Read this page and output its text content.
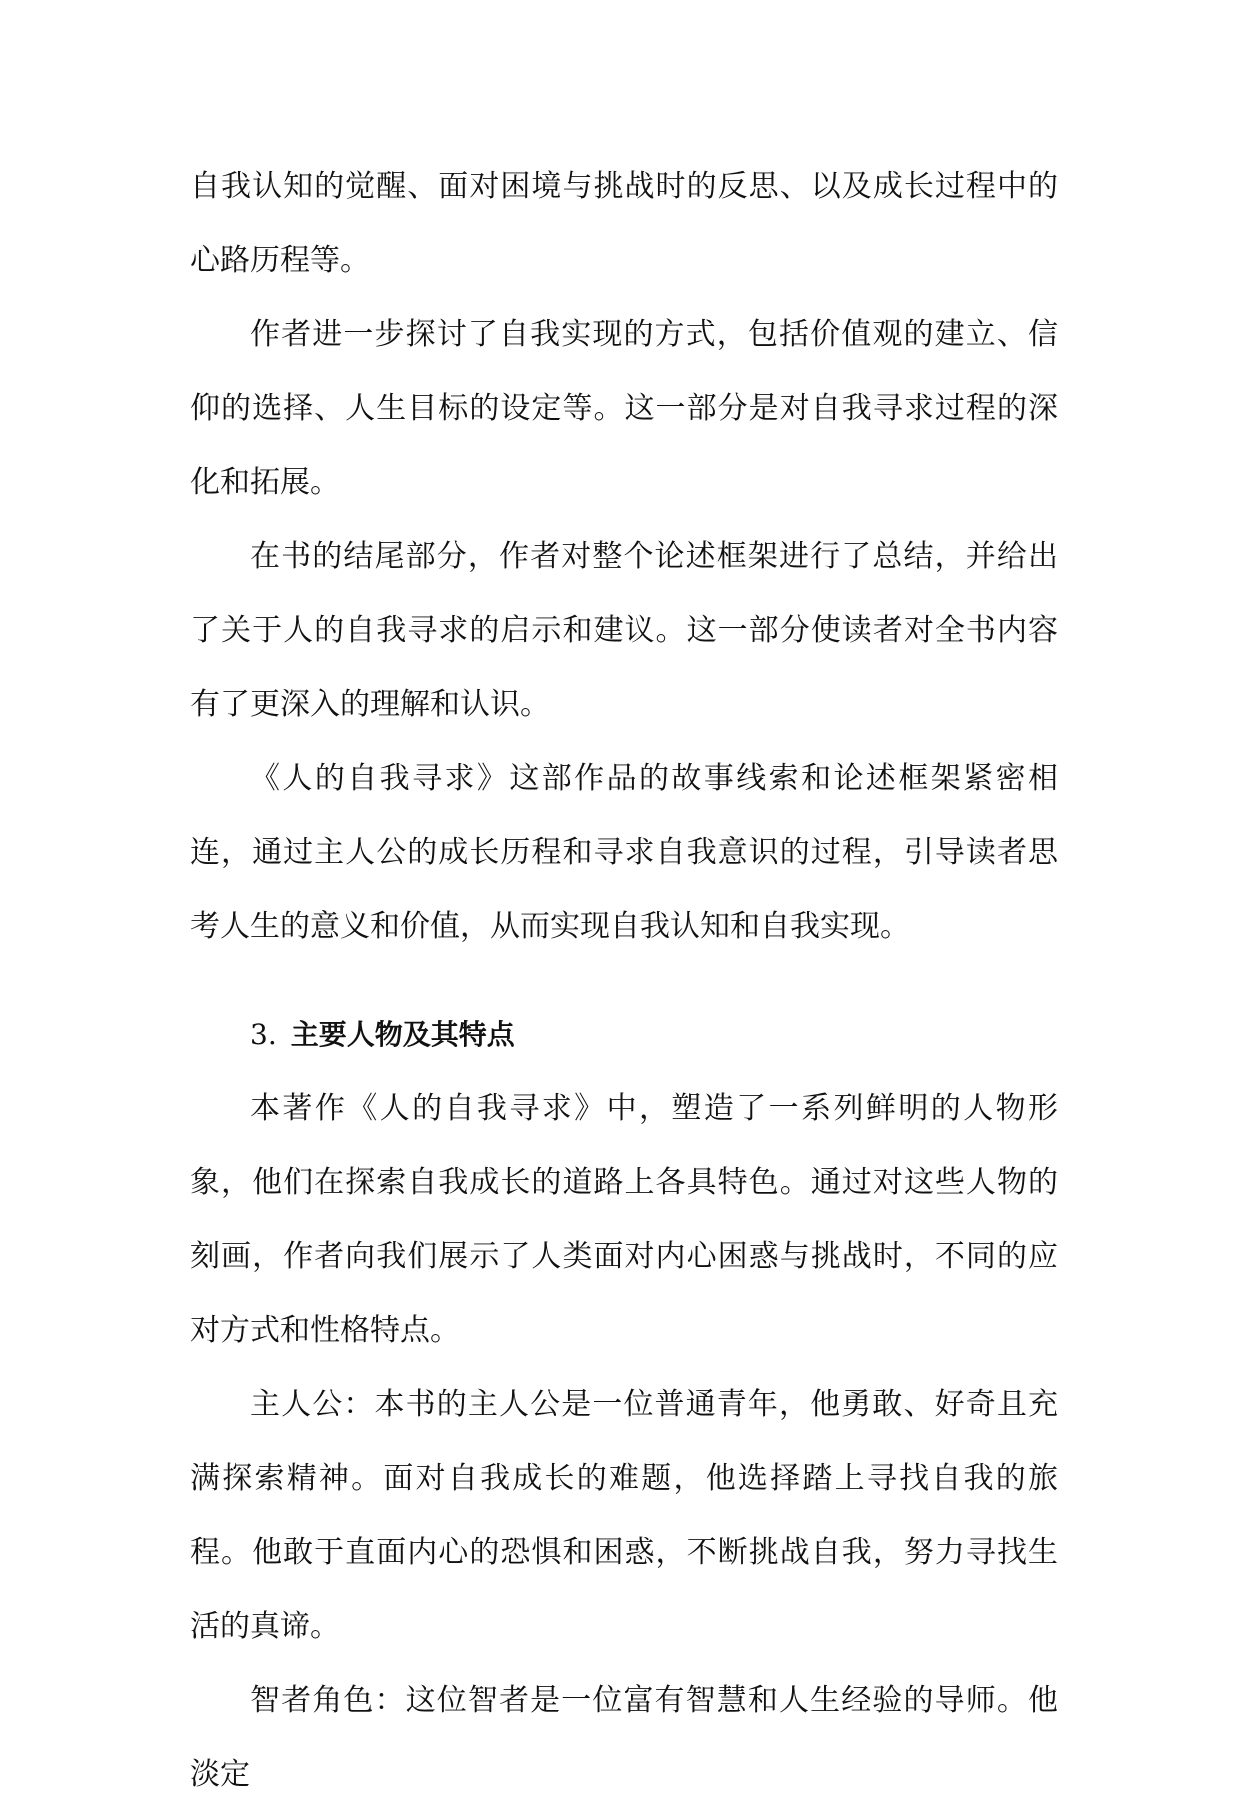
自我认知的觉醒、面对困境与挑战时的反思、以及成长过程中的心路历程等。

作者进一步探讨了自我实现的方式，包括价值观的建立、信仰的选择、人生目标的设定等。这一部分是对自我寻求过程的深化和拓展。

在书的结尾部分，作者对整个论述框架进行了总结，并给出了关于人的自我寻求的启示和建议。这一部分使读者对全书内容有了更深入的理解和认识。

《人的自我寻求》这部作品的故事线索和论述框架紧密相连，通过主人公的成长历程和寻求自我意识的过程，引导读者思考人生的意义和价值，从而实现自我认知和自我实现。

3. 主要人物及其特点

本著作《人的自我寻求》中，塑造了一系列鲜明的人物形象，他们在探索自我成长的道路上各具特色。通过对这些人物的刻画，作者向我们展示了人类面对内心困惑与挑战时，不同的应对方式和性格特点。

主人公：本书的主人公是一位普通青年，他勇敢、好奇且充满探索精神。面对自我成长的难题，他选择踏上寻找自我的旅程。他敢于直面内心的恐惧和困惑，不断挑战自我，努力寻找生活的真谛。

智者角色：这位智者是一位富有智慧和人生经验的导师。他淡定
